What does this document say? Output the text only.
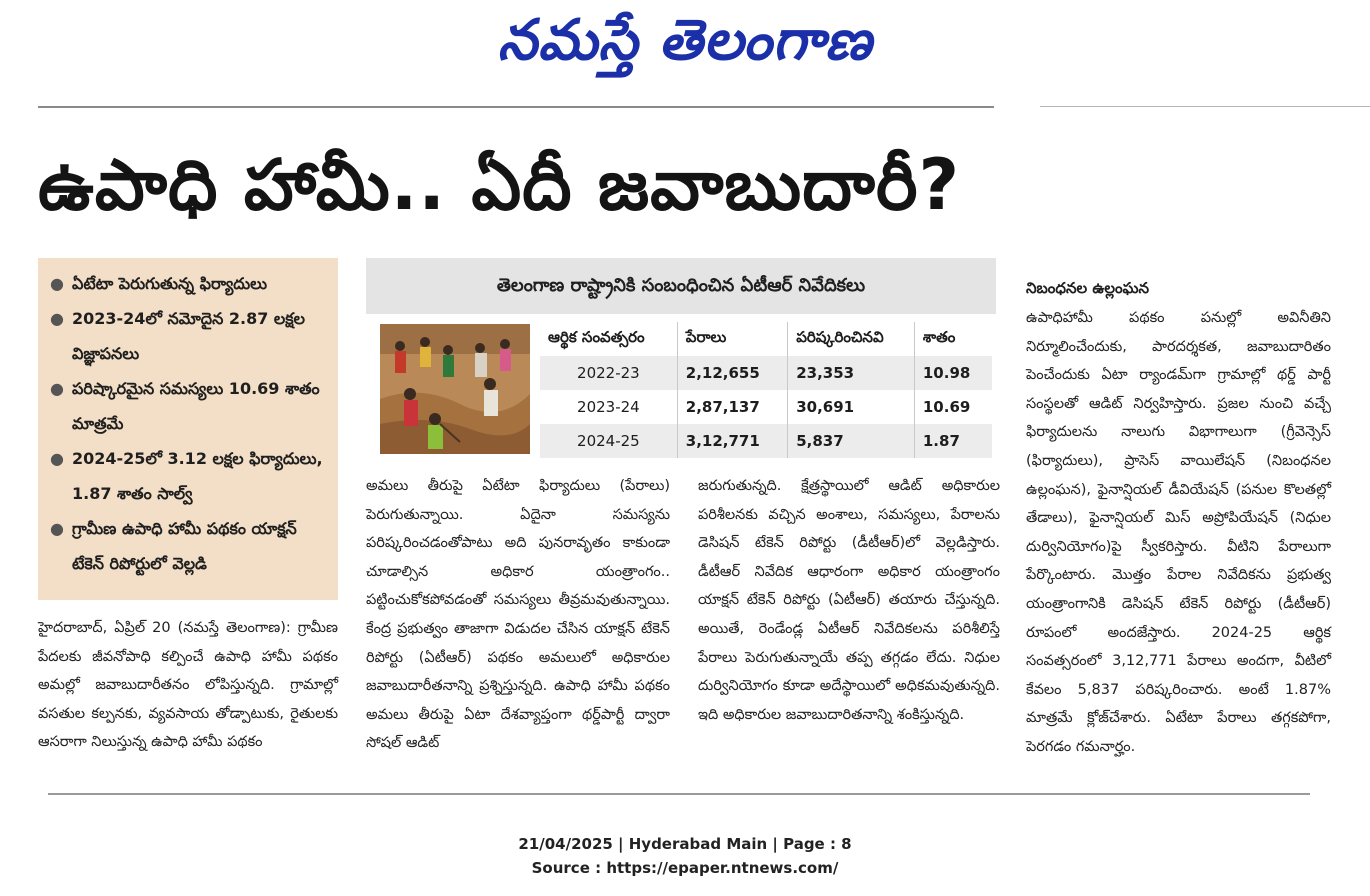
నమస్తే తెలంగాణ
ఉపాధి హామీ.. ఏదీ జవాబుదారీ?
● ఏటేటా పెరుగుతున్న ఫిర్యాదులు
● 2023-24లో నమోదైన 2.87 లక్షల విజ్ఞాపనలు
● పరిష్కారమైన సమస్యలు 10.69 శాతం మాత్రమే
● 2024-25లో 3.12 లక్షల ఫిర్యాదులు, 1.87 శాతం సాల్వ్
● గ్రామీణ ఉపాధి హామీ పథకం యాక్షన్ టేకెన్ రిపోర్టులో వెల్లడి
తెలంగాణ రాష్ట్రానికి సంబంధించిన ఏటీఆర్ నివేదికలు
ఆర్థిక సంవత్సరం	పేరాలు	పరిష్కరించినవి	శాతం
2022-23	2,12,655	23,353	10.98
2023-24	2,87,137	30,691	10.69
2024-25	3,12,771	5,837	1.87
హైదరాబాద్, ఏప్రిల్ 20 (నమస్తే తెలంగాణ): గ్రామీణ పేదలకు జీవనోపాధి కల్పించే ఉపాధి హామీ పథకం అమల్లో జవాబుదారీతనం లోపిస్తున్నది. గ్రామాల్లో వసతుల కల్పనకు, వ్యవసాయ తోడ్పాటుకు, రైతులకు ఆసరాగా నిలుస్తున్న ఉపాధి హామీ పథకం
అమలు తీరుపై ఏటేటా ఫిర్యాదులు (పేరాలు) పెరుగుతున్నాయి. ఏదైనా సమస్యను పరిష్కరించడంతోపాటు అది పునరావృతం కాకుండా చూడాల్సిన అధికార యంత్రాంగం.. పట్టించుకోకపోవడంతో సమస్యలు తీవ్రమవుతున్నాయి. కేంద్ర ప్రభుత్వం తాజాగా విడుదల చేసిన యాక్షన్ టేకెన్ రిపోర్టు (ఏటీఆర్) పథకం అమలులో అధికారుల జవాబుదారీతనాన్ని ప్రశ్నిస్తున్నది. ఉపాధి హామీ పథకం అమలు తీరుపై ఏటా దేశవ్యాప్తంగా థర్డ్‌పార్టీ ద్వారా సోషల్ ఆడిట్
జరుగుతున్నది. క్షేత్రస్థాయిలో ఆడిట్ అధికారుల పరిశీలనకు వచ్చిన అంశాలు, సమస్యలు, పేరాలను డెసిషన్ టేకెన్ రిపోర్టు (డీటీఆర్)లో వెల్లడిస్తారు. డీటీఆర్ నివేదిక ఆధారంగా అధికార యంత్రాంగం యాక్షన్ టేకెన్ రిపోర్టు (ఏటీఆర్) తయారు చేస్తున్నది. అయితే, రెండేండ్ల ఏటీఆర్ నివేదికలను పరిశీలిస్తే పేరాలు పెరుగుతున్నాయే తప్ప తగ్గడం లేదు. నిధుల దుర్వినియోగం కూడా అదేస్థాయిలో అధికమవుతున్నది. ఇది అధికారుల జవాబుదారితనాన్ని శంకిస్తున్నది.
నిబంధనల ఉల్లంఘన
ఉపాధిహామీ పథకం పనుల్లో అవినీతిని నిర్మూలించేందుకు, పారదర్శకత, జవాబుదారితం పెంచేందుకు ఏటా ర్యాండమ్‌గా గ్రామాల్లో థర్డ్ పార్టీ సంస్థలతో ఆడిట్ నిర్వహిస్తారు. ప్రజల నుంచి వచ్చే ఫిర్యాదులను నాలుగు విభాగాలుగా (గ్రీవెన్సెస్ (ఫిర్యాదులు), ప్రాసెస్ వాయిలేషన్ (నిబంధనల ఉల్లంఘన), ఫైనాన్షియల్ డీవియేషన్ (పనుల కొలతల్లో తేడాలు), ఫైనాన్షియల్ మిస్ అప్రోపియేషన్ (నిధుల దుర్వినియోగం)పై స్వీకరిస్తారు. వీటిని పేరాలుగా పేర్కొంటారు. మొత్తం పేరాల నివేదికను ప్రభుత్వ యంత్రాంగానికి డెసిషన్ టేకెన్ రిపోర్టు (డీటీఆర్) రూపంలో అందజేస్తారు. 2024-25 ఆర్థిక సంవత్సరంలో 3,12,771 పేరాలు అందగా, వీటిలో కేవలం 5,837 పరిష్కరించారు. అంటే 1.87% మాత్రమే క్లోజ్‌చేశారు. ఏటేటా పేరాలు తగ్గకపోగా, పెరగడం గమనార్హం.
21/04/2025 | Hyderabad Main | Page : 8
Source : https://epaper.ntnews.com/
